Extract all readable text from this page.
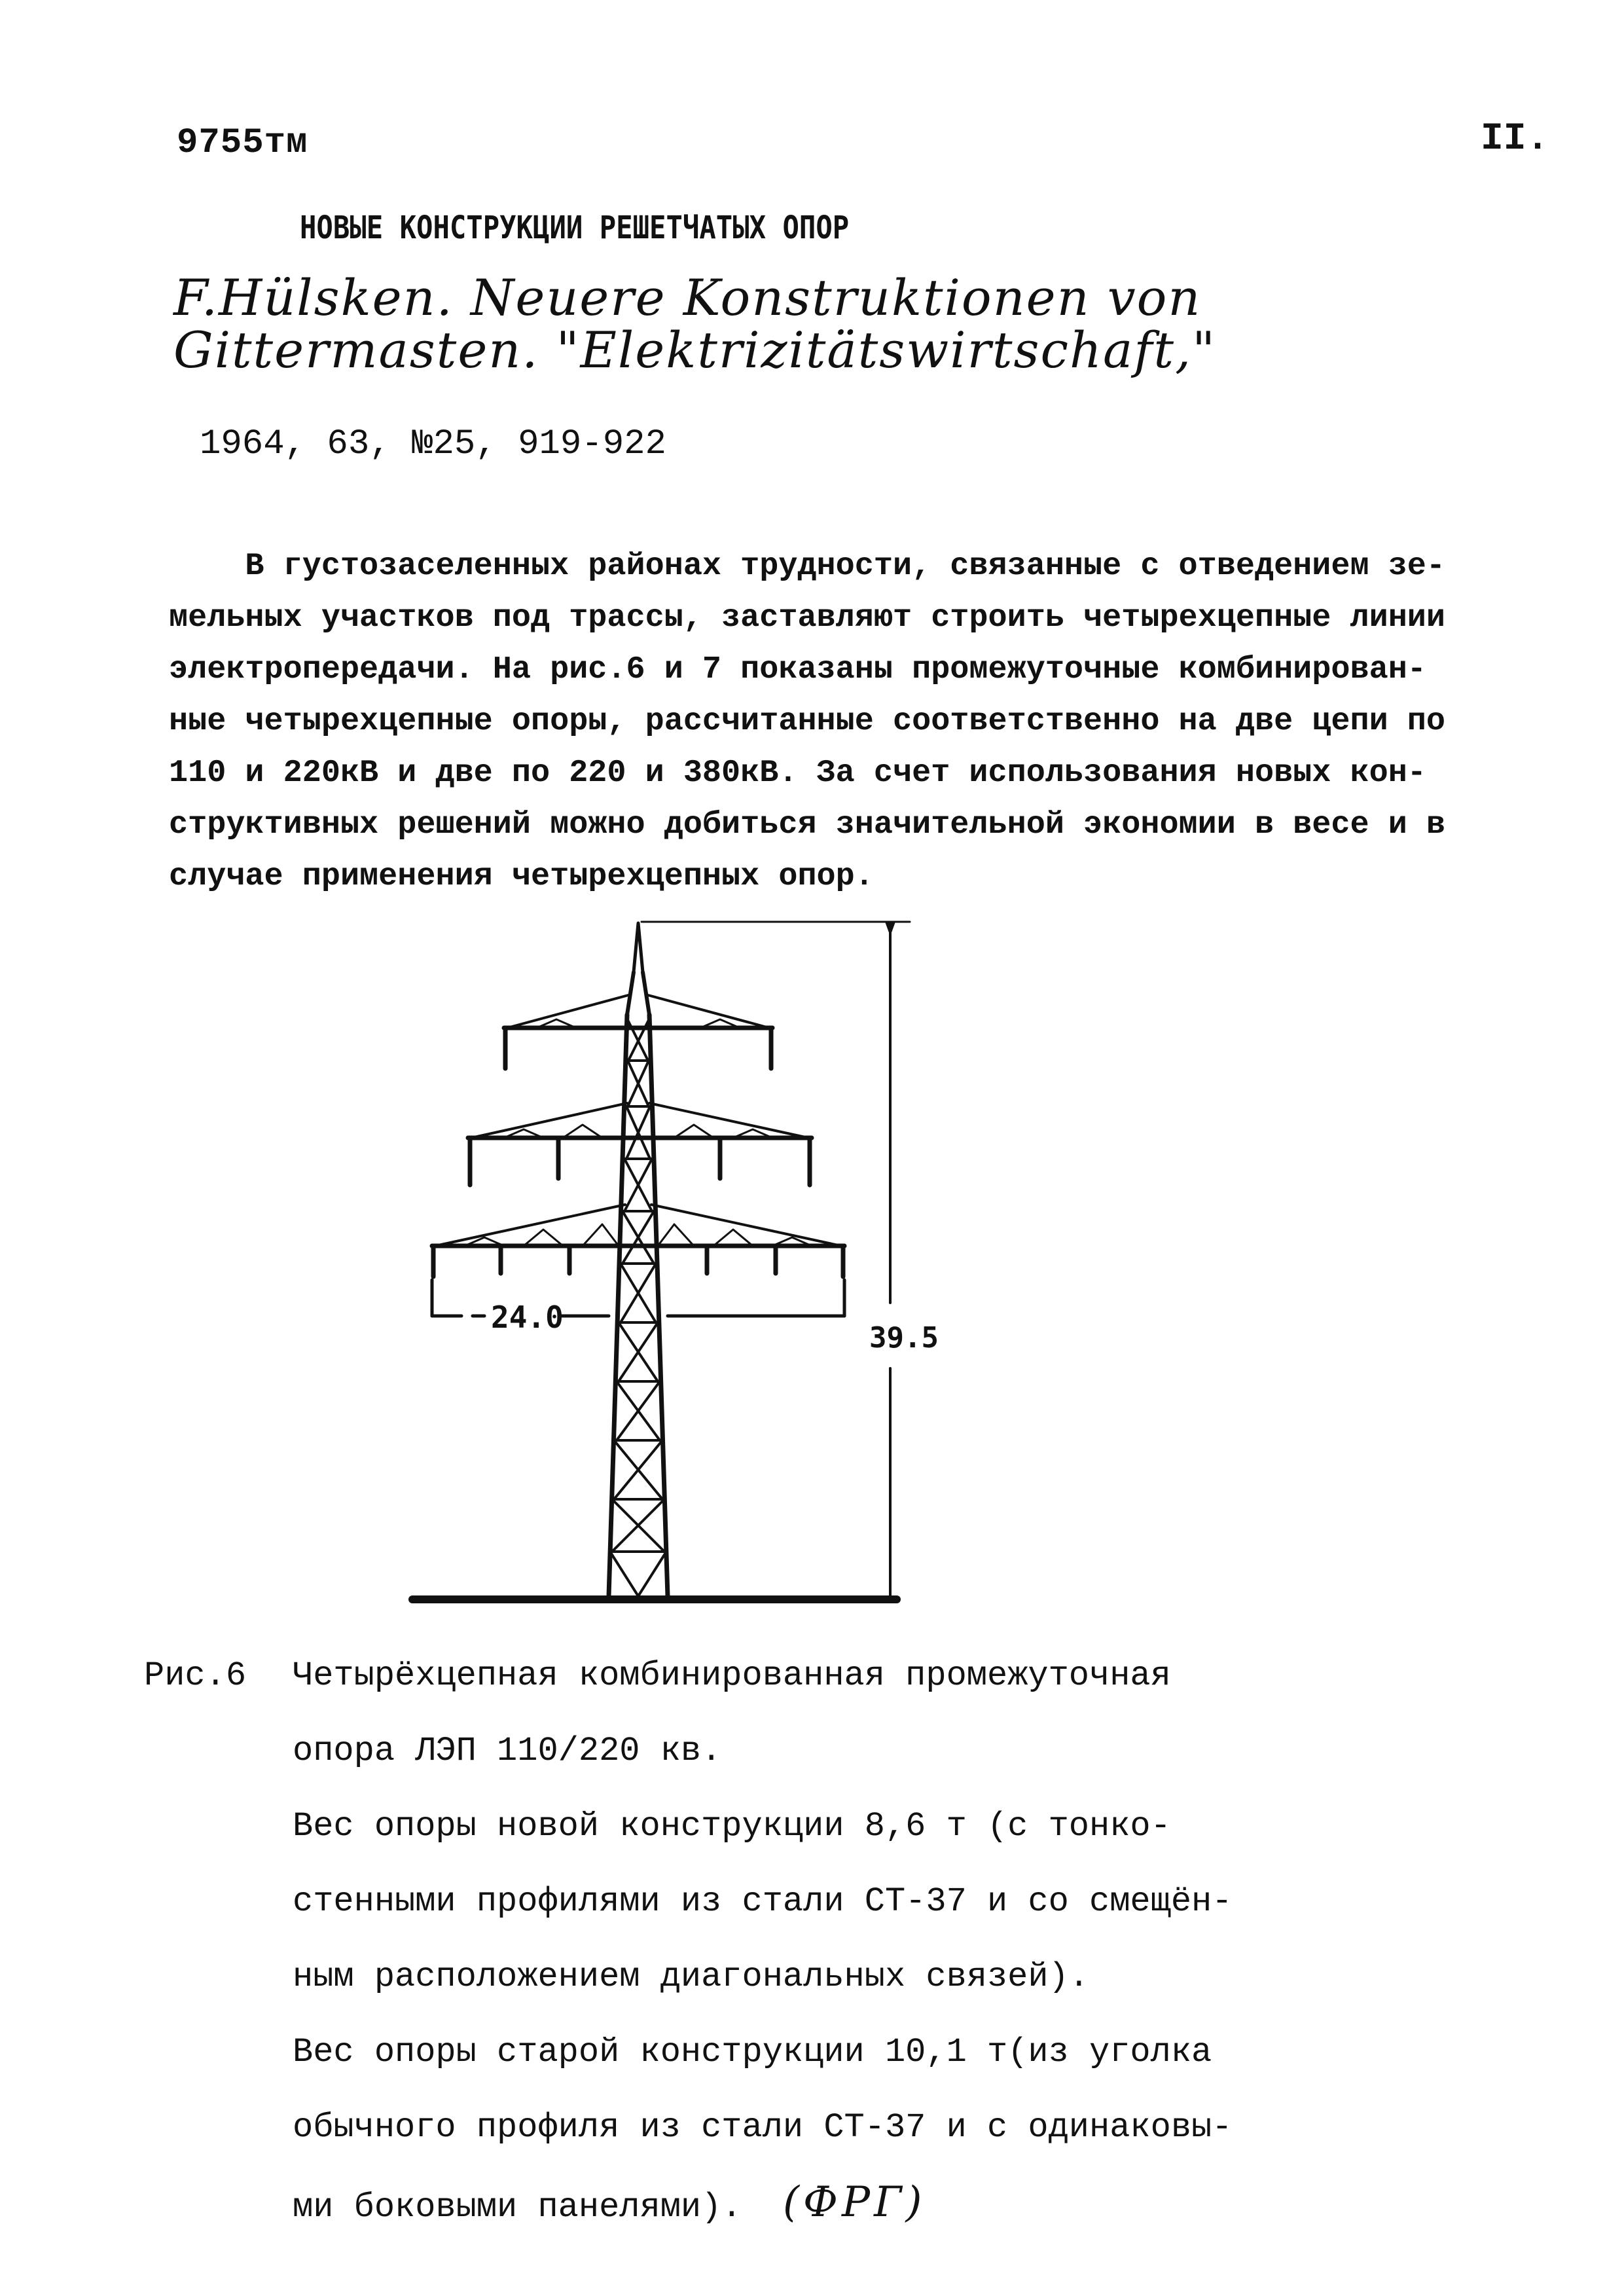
9755тм	II.
НОВЫЕ КОНСТРУКЦИИ РЕШЕТЧАТЫХ ОПОР
F.Hülsken. Neuere Konstruktionen von
Gittermasten. "Elektrizitätswirtschaft,"
1964, 63, №25, 919-922
В густозаселенных районах трудности, связанные с отведением зе-
мельных участков под трассы, заставляют строить четырехцепные линии
электропередачи. На рис.6 и 7 показаны промежуточные комбинирован-
ные четырехцепные опоры, рассчитанные соответственно на две цепи по
110 и 220кВ и две по 220 и 380кВ. За счет использования новых кон-
структивных решений можно добиться значительной экономии в весе и в
случае применения четырехцепных опор.
24.0
39.5
Рис.6 Четырёхцепная комбинированная промежуточная
опора ЛЭП 110/220 кв.
Вес опоры новой конструкции 8,6 т (с тонко-
стенными профилями из стали СТ-37 и со смещён-
ным расположением диагональных связей).
Вес опоры старой конструкции 10,1 т(из уголка
обычного профиля из стали СТ-37 и с одинаковы-
ми боковыми панелями). (ФРГ)
